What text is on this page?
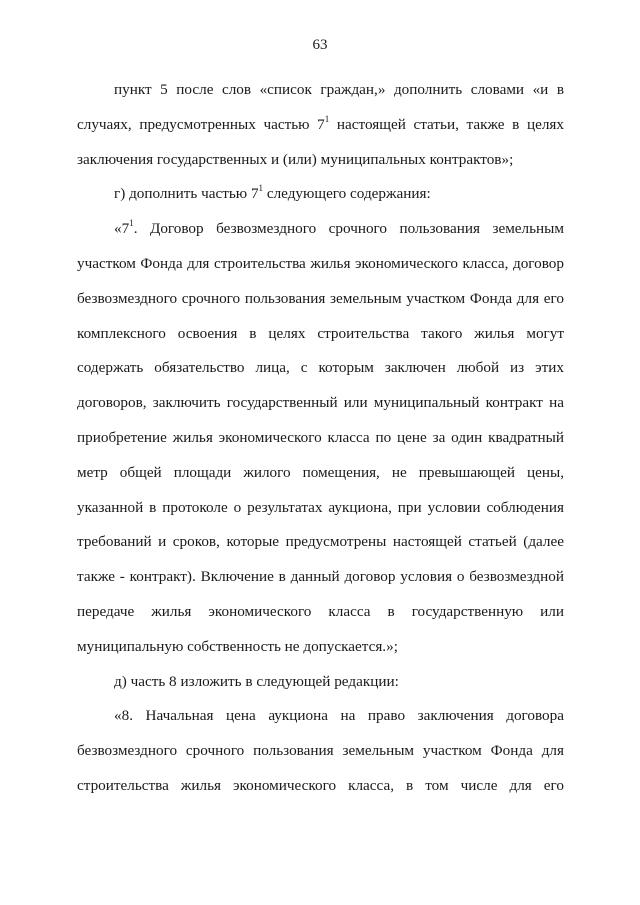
63

пункт 5 после слов «список граждан,» дополнить словами «и в случаях, предусмотренных частью $7^1$ настоящей статьи, также в целях заключения государственных и (или) муниципальных контрактов»;

г) дополнить частью $7^1$ следующего содержания:

«$7^1$. Договор безвозмездного срочного пользования земельным участком Фонда для строительства жилья экономического класса, договор безвозмездного срочного пользования земельным участком Фонда для его комплексного освоения в целях строительства такого жилья могут содержать обязательство лица, с которым заключен любой из этих договоров, заключить государственный или муниципальный контракт на приобретение жилья экономического класса по цене за один квадратный метр общей площади жилого помещения, не превышающей цены, указанной в протоколе о результатах аукциона, при условии соблюдения требований и сроков, которые предусмотрены настоящей статьей (далее также - контракт). Включение в данный договор условия о безвозмездной передаче жилья экономического класса в государственную или муниципальную собственность не допускается.»;

д) часть 8 изложить в следующей редакции:

«8. Начальная цена аукциона на право заключения договора безвозмездного срочного пользования земельным участком Фонда для строительства жилья экономического класса, в том числе для его
